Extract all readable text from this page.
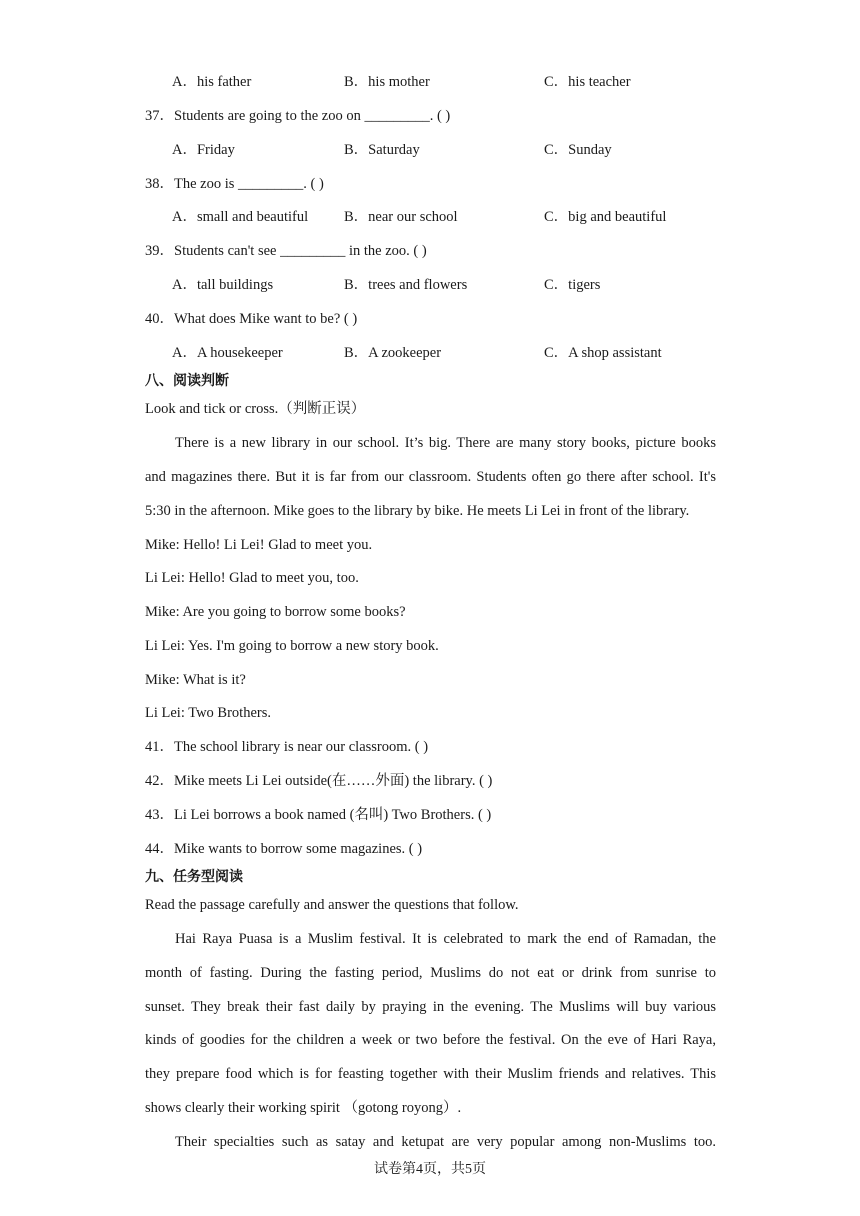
A．his father	B．his mother	C．his teacher
37．Students are going to the zoo on _________. ( )
A．Friday	B．Saturday	C．Sunday
38．The zoo is _________. ( )
A．small and beautiful B．near our school	C．big and beautiful
39．Students can't see _________ in the zoo. ( )
A．tall buildings	B．trees and flowers	C．tigers
40．What does Mike want to be? ( )
A．A housekeeper	B．A zookeeper	C．A shop assistant
八、阅读判断
Look and tick or cross.（判断正误）
There is a new library in our school. It’s big. There are many story books, picture books
and magazines there. But it is far from our classroom. Students often go there after school. It's
5:30 in the afternoon. Mike goes to the library by bike. He meets Li Lei in front of the library.
Mike: Hello! Li Lei! Glad to meet you.
Li Lei: Hello! Glad to meet you, too.
Mike: Are you going to borrow some books?
Li Lei: Yes. I'm going to borrow a new story book.
Mike: What is it?
Li Lei: Two Brothers.
41．The school library is near our classroom. ( )
42．Mike meets Li Lei outside(在……外面) the library. ( )
43．Li Lei borrows a book named (名叫) Two Brothers. ( )
44．Mike wants to borrow some magazines. ( )
九、任务型阅读
Read the passage carefully and answer the questions that follow.
Hai Raya Puasa is a Muslim festival. It is celebrated to mark the end of Ramadan, the
month of fasting. During the fasting period, Muslims do not eat or drink from sunrise to
sunset. They break their fast daily by praying in the evening. The Muslims will buy various
kinds of goodies for the children a week or two before the festival. On the eve of Hari Raya,
they prepare food which is for feasting together with their Muslim friends and relatives. This
shows clearly their working spirit （gotong royong）.
Their specialties such as satay and ketupat are very popular among non-Muslims too.
试卷第4页，共5页
